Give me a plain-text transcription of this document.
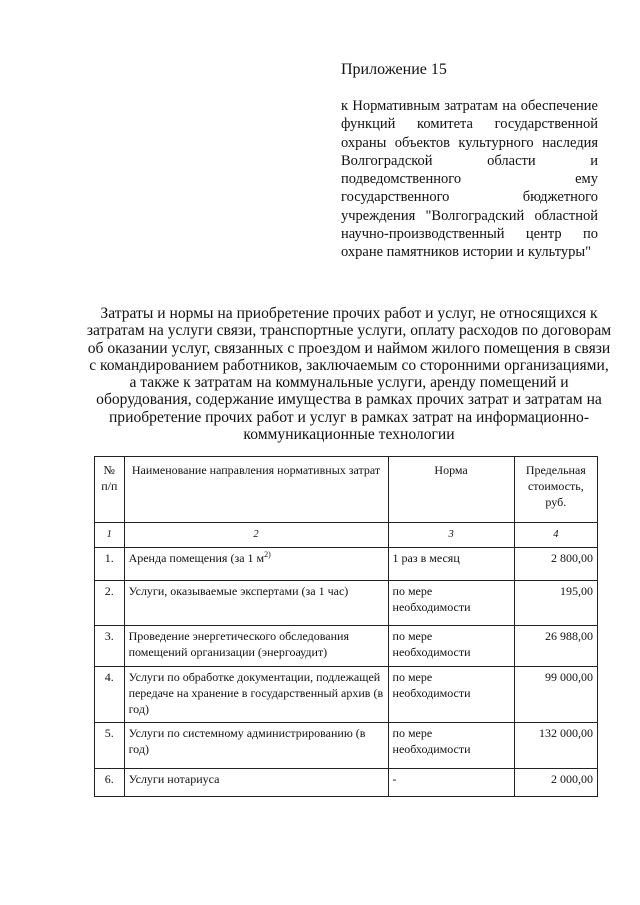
Приложение 15
к Нормативным затратам на обеспечение функций комитета государственной охраны объектов культурного наследия Волгоградской области и подведомственного ему государственного бюджетного учреждения "Волгоградский областной научно-производственный центр по охране памятников истории и культуры"
Затраты и нормы на приобретение прочих работ и услуг, не относящихся к затратам на услуги связи, транспортные услуги, оплату расходов по договорам об оказании услуг, связанных с проездом и наймом жилого помещения в связи с командированием работников, заключаемым со сторонними организациями, а также к затратам на коммунальные услуги, аренду помещений и оборудования, содержание имущества в рамках прочих затрат и затратам на приобретение прочих работ и услуг в рамках затрат на информационно-коммуникационные технологии
№ п/п	Наименование направления нормативных затрат	Норма	Предельная стоимость, руб.
1	2	3	4
1.	Аренда помещения (за 1 $м^{2)}$	1 раз в месяц	2 800,00
2.	Услуги, оказываемые экспертами (за 1 час)	по мере необходимости	195,00
3.	Проведение энергетического обследования помещений организации (энергоаудит)	по мере необходимости	26 988,00
4.	Услуги по обработке документации, подлежащей передаче на хранение в государственный архив (в год)	по мере необходимости	99 000,00
5.	Услуги по системному администрированию (в год)	по мере необходимости	132 000,00
6.	Услуги нотариуса	-	2 000,00
